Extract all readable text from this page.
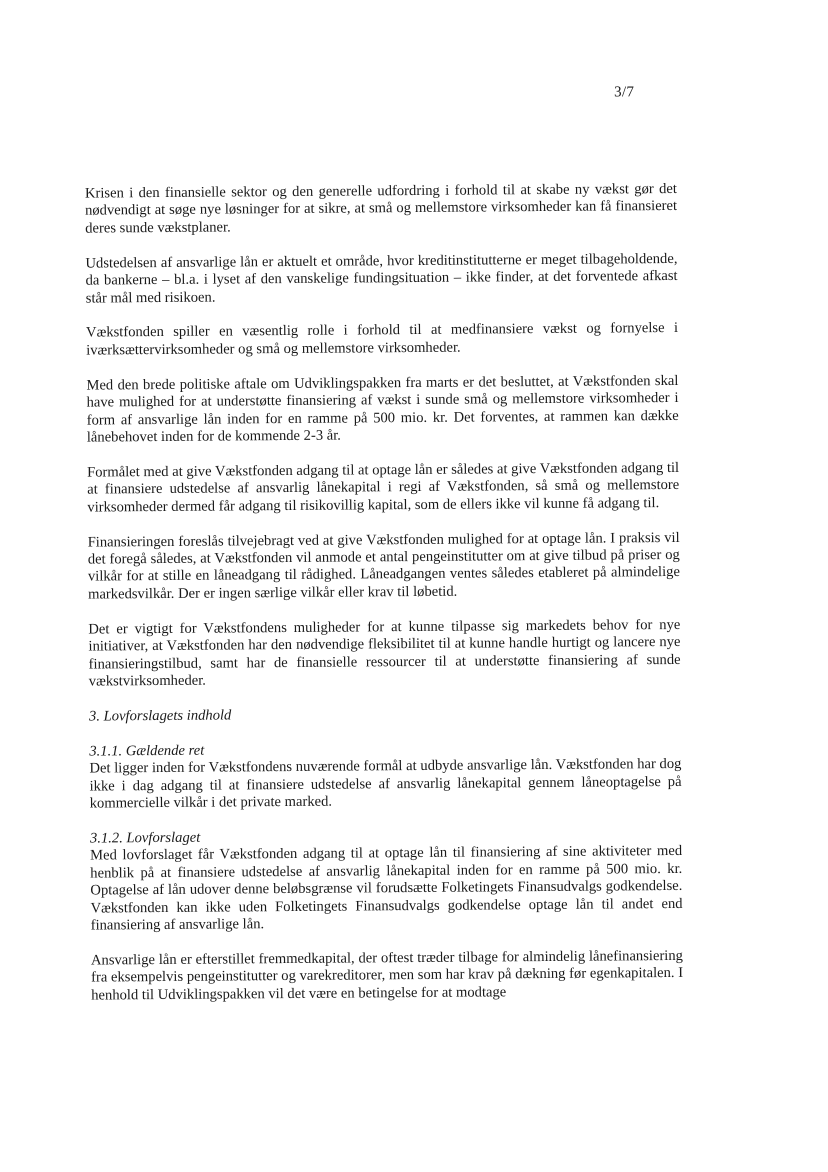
3/7

Krisen i den finansielle sektor og den generelle udfordring i forhold til at skabe ny vækst gør det nødvendigt at søge nye løsninger for at sikre, at små og mellemstore virksomheder kan få finansieret deres sunde vækstplaner.

Udstedelsen af ansvarlige lån er aktuelt et område, hvor kreditinstitutterne er meget tilbageholdende, da bankerne – bl.a. i lyset af den vanskelige fundingsituation – ikke finder, at det forventede afkast står mål med risikoen.

Vækstfonden spiller en væsentlig rolle i forhold til at medfinansiere vækst og fornyelse i iværksættervirksomheder og små og mellemstore virksomheder.

Med den brede politiske aftale om Udviklingspakken fra marts er det besluttet, at Vækstfonden skal have mulighed for at understøtte finansiering af vækst i sunde små og mellemstore virksomheder i form af ansvarlige lån inden for en ramme på 500 mio. kr. Det forventes, at rammen kan dække lånebehovet inden for de kommende 2-3 år.

Formålet med at give Vækstfonden adgang til at optage lån er således at give Vækstfonden adgang til at finansiere udstedelse af ansvarlig lånekapital i regi af Vækstfonden, så små og mellemstore virksomheder dermed får adgang til risikovillig kapital, som de ellers ikke vil kunne få adgang til.

Finansieringen foreslås tilvejebragt ved at give Vækstfonden mulighed for at optage lån. I praksis vil det foregå således, at Vækstfonden vil anmode et antal pengeinstitutter om at give tilbud på priser og vilkår for at stille en låneadgang til rådighed. Låneadgangen ventes således etableret på almindelige markedsvilkår. Der er ingen særlige vilkår eller krav til løbetid.

Det er vigtigt for Vækstfondens muligheder for at kunne tilpasse sig markedets behov for nye initiativer, at Vækstfonden har den nødvendige fleksibilitet til at kunne handle hurtigt og lancere nye finansieringstilbud, samt har de finansielle ressourcer til at understøtte finansiering af sunde vækstvirksomheder.

3. Lovforslagets indhold

3.1.1. Gældende ret

Det ligger inden for Vækstfondens nuværende formål at udbyde ansvarlige lån. Vækstfonden har dog ikke i dag adgang til at finansiere udstedelse af ansvarlig lånekapital gennem låneoptagelse på kommercielle vilkår i det private marked.

3.1.2. Lovforslaget

Med lovforslaget får Vækstfonden adgang til at optage lån til finansiering af sine aktiviteter med henblik på at finansiere udstedelse af ansvarlig lånekapital inden for en ramme på 500 mio. kr. Optagelse af lån udover denne beløbsgrænse vil forudsætte Folketingets Finansudvalgs godkendelse. Vækstfonden kan ikke uden Folketingets Finansudvalgs godkendelse optage lån til andet end finansiering af ansvarlige lån.

Ansvarlige lån er efterstillet fremmedkapital, der oftest træder tilbage for almindelig lånefinansiering fra eksempelvis pengeinstitutter og varekreditorer, men som har krav på dækning før egenkapitalen. I henhold til Udviklingspakken vil det være en betingelse for at modtage
